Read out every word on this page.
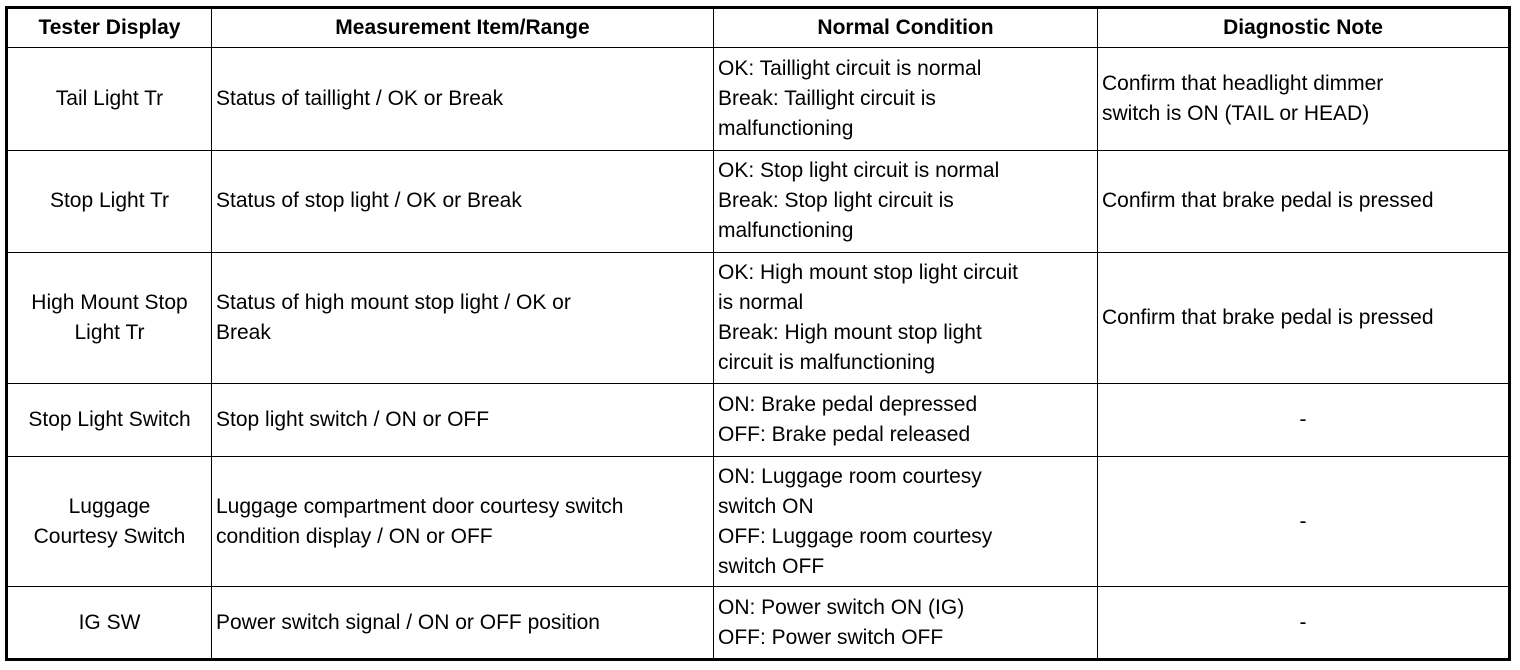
Tester Display	Measurement Item/Range	Normal Condition	Diagnostic Note

Tail Light Tr	Status of taillight / OK or Break	OK: Taillight circuit is normal
Break: Taillight circuit is
malfunctioning	Confirm that headlight dimmer
switch is ON (TAIL or HEAD)

Stop Light Tr	Status of stop light / OK or Break	OK: Stop light circuit is normal
Break: Stop light circuit is
malfunctioning	Confirm that brake pedal is pressed

High Mount Stop
Light Tr	Status of high mount stop light / OK or
Break	OK: High mount stop light circuit
is normal
Break: High mount stop light
circuit is malfunctioning	Confirm that brake pedal is pressed

Stop Light Switch	Stop light switch / ON or OFF	ON: Brake pedal depressed
OFF: Brake pedal released	-

Luggage
Courtesy Switch	Luggage compartment door courtesy switch
condition display / ON or OFF	ON: Luggage room courtesy
switch ON
OFF: Luggage room courtesy
switch OFF	-

IG SW	Power switch signal / ON or OFF position	ON: Power switch ON (IG)
OFF: Power switch OFF	-
